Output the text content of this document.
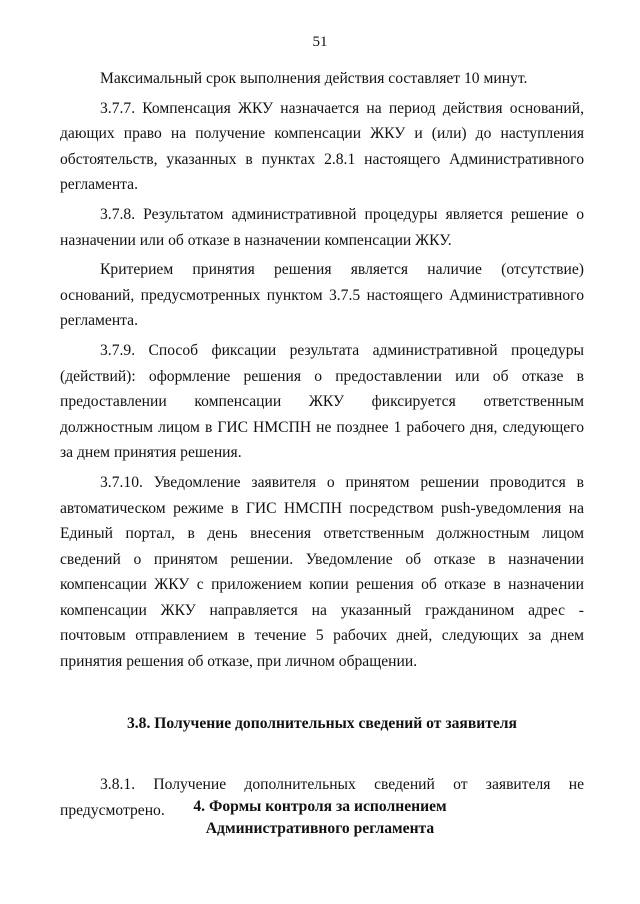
51

Максимальный срок выполнения действия составляет 10 минут.

3.7.7. Компенсация ЖКУ назначается на период действия оснований, дающих право на получение компенсации ЖКУ и (или) до наступления обстоятельств, указанных в пунктах 2.8.1 настоящего Административного регламента.

3.7.8. Результатом административной процедуры является решение о назначении или об отказе в назначении компенсации ЖКУ.

Критерием принятия решения является наличие (отсутствие) оснований, предусмотренных пунктом 3.7.5 настоящего Административного регламента.

3.7.9. Способ фиксации результата административной процедуры (действий): оформление решения о предоставлении или об отказе в предоставлении компенсации ЖКУ фиксируется ответственным должностным лицом в ГИС НМСПН не позднее 1 рабочего дня, следующего за днем принятия решения.

3.7.10. Уведомление заявителя о принятом решении проводится в автоматическом режиме в ГИС НМСПН посредством push-уведомления на Единый портал, в день внесения ответственным должностным лицом сведений о принятом решении. Уведомление об отказе в назначении компенсации ЖКУ с приложением копии решения об отказе в назначении компенсации ЖКУ направляется на указанный гражданином адрес - почтовым отправлением в течение 5 рабочих дней, следующих за днем принятия решения об отказе, при личном обращении.

3.8. Получение дополнительных сведений от заявителя

3.8.1. Получение дополнительных сведений от заявителя не предусмотрено.	4. Формы контроля за исполнением
Административного регламента
